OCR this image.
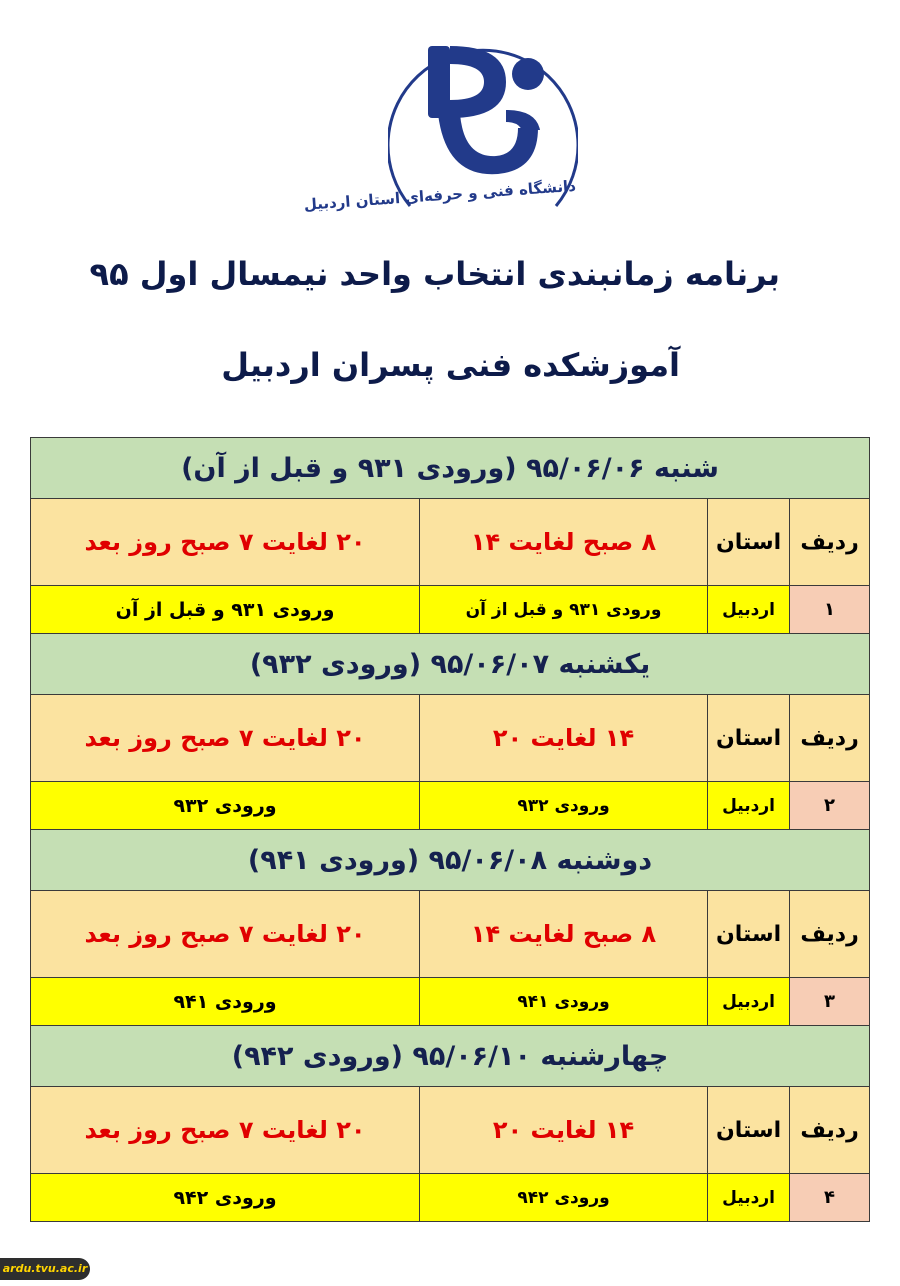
دانشگاه فنی و حرفه‌ای استان اردبیل
برنامه زمانبندی انتخاب واحد نیمسال اول ۹۵
آموزشکده فنی پسران اردبیل
شنبه ۹۵/۰۶/۰۶ (ورودی ۹۳۱ و قبل از آن)			
ردیف	استان	۸ صبح لغایت ۱۴	۲۰ لغایت ۷ صبح روز بعد
۱	اردبیل	ورودی ۹۳۱ و قبل از آن	ورودی ۹۳۱ و قبل از آن
یکشنبه ۹۵/۰۶/۰۷ (ورودی ۹۳۲)			
ردیف	استان	۱۴ لغایت ۲۰	۲۰ لغایت ۷ صبح روز بعد
۲	اردبیل	ورودی ۹۳۲	ورودی ۹۳۲
دوشنبه ۹۵/۰۶/۰۸ (ورودی ۹۴۱)			
ردیف	استان	۸ صبح لغایت ۱۴	۲۰ لغایت ۷ صبح روز بعد
۳	اردبیل	ورودی ۹۴۱	ورودی ۹۴۱
چهارشنبه ۹۵/۰۶/۱۰ (ورودی ۹۴۲)			
ردیف	استان	۱۴ لغایت ۲۰	۲۰ لغایت ۷ صبح روز بعد
۴	اردبیل	ورودی ۹۴۲	ورودی ۹۴۲
ardu.tvu.ac.ir
